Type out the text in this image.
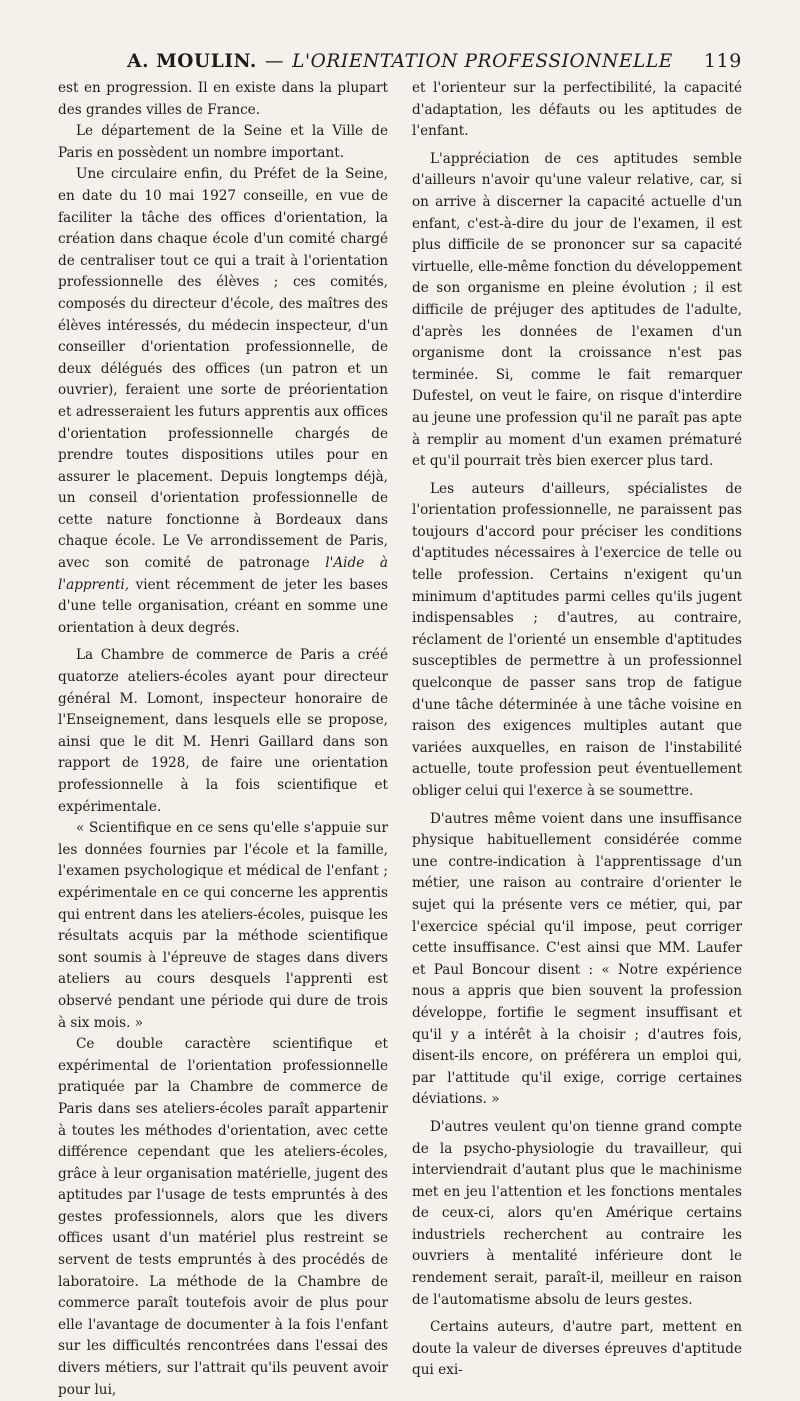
A. MOULIN. — L'ORIENTATION PROFESSIONNELLE 119

est en progression. Il en existe dans la plupart des grandes villes de France.

Le département de la Seine et la Ville de Paris en possèdent un nombre important.

Une circulaire enfin, du Préfet de la Seine, en date du 10 mai 1927 conseille, en vue de faciliter la tâche des offices d'orientation, la création dans chaque école d'un comité chargé de centraliser tout ce qui a trait à l'orientation professionnelle des élèves ; ces comités, composés du directeur d'école, des maîtres des élèves intéressés, du médecin inspecteur, d'un conseiller d'orientation professionnelle, de deux délégués des offices (un patron et un ouvrier), feraient une sorte de préorientation et adresseraient les futurs apprentis aux offices d'orientation professionnelle chargés de prendre toutes dispositions utiles pour en assurer le placement. Depuis longtemps déjà, un conseil d'orientation professionnelle de cette nature fonctionne à Bordeaux dans chaque école. Le Ve arrondissement de Paris, avec son comité de patronage l'Aide à l'apprenti, vient récemment de jeter les bases d'une telle organisation, créant en somme une orientation à deux degrés.

La Chambre de commerce de Paris a créé quatorze ateliers-écoles ayant pour directeur général M. Lomont, inspecteur honoraire de l'Enseignement, dans lesquels elle se propose, ainsi que le dit M. Henri Gaillard dans son rapport de 1928, de faire une orientation professionnelle à la fois scientifique et expérimentale.

« Scientifique en ce sens qu'elle s'appuie sur les données fournies par l'école et la famille, l'examen psychologique et médical de l'enfant ; expérimentale en ce qui concerne les apprentis qui entrent dans les ateliers-écoles, puisque les résultats acquis par la méthode scientifique sont soumis à l'épreuve de stages dans divers ateliers au cours desquels l'apprenti est observé pendant une période qui dure de trois à six mois. »

Ce double caractère scientifique et expérimental de l'orientation professionnelle pratiquée par la Chambre de commerce de Paris dans ses ateliers-écoles paraît appartenir à toutes les méthodes d'orientation, avec cette différence cependant que les ateliers-écoles, grâce à leur organisation matérielle, jugent des aptitudes par l'usage de tests empruntés à des gestes professionnels, alors que les divers offices usant d'un matériel plus restreint se servent de tests empruntés à des procédés de laboratoire. La méthode de la Chambre de commerce paraît toutefois avoir de plus pour elle l'avantage de documenter à la fois l'enfant sur les difficultés rencontrées dans l'essai des divers métiers, sur l'attrait qu'ils peuvent avoir pour lui,

et l'orienteur sur la perfectibilité, la capacité d'adaptation, les défauts ou les aptitudes de l'enfant.

L'appréciation de ces aptitudes semble d'ailleurs n'avoir qu'une valeur relative, car, si on arrive à discerner la capacité actuelle d'un enfant, c'est-à-dire du jour de l'examen, il est plus difficile de se prononcer sur sa capacité virtuelle, elle-même fonction du développement de son organisme en pleine évolution ; il est difficile de préjuger des aptitudes de l'adulte, d'après les données de l'examen d'un organisme dont la croissance n'est pas terminée. Si, comme le fait remarquer Dufestel, on veut le faire, on risque d'interdire au jeune une profession qu'il ne paraît pas apte à remplir au moment d'un examen prématuré et qu'il pourrait très bien exercer plus tard.

Les auteurs d'ailleurs, spécialistes de l'orientation professionnelle, ne paraissent pas toujours d'accord pour préciser les conditions d'aptitudes nécessaires à l'exercice de telle ou telle profession. Certains n'exigent qu'un minimum d'aptitudes parmi celles qu'ils jugent indispensables ; d'autres, au contraire, réclament de l'orienté un ensemble d'aptitudes susceptibles de permettre à un professionnel quelconque de passer sans trop de fatigue d'une tâche déterminée à une tâche voisine en raison des exigences multiples autant que variées auxquelles, en raison de l'instabilité actuelle, toute profession peut éventuellement obliger celui qui l'exerce à se soumettre.

D'autres même voient dans une insuffisance physique habituellement considérée comme une contre-indication à l'apprentissage d'un métier, une raison au contraire d'orienter le sujet qui la présente vers ce métier, qui, par l'exercice spécial qu'il impose, peut corriger cette insuffisance. C'est ainsi que MM. Laufer et Paul Boncour disent : « Notre expérience nous a appris que bien souvent la profession développe, fortifie le segment insuffisant et qu'il y a intérêt à la choisir ; d'autres fois, disent-ils encore, on préférera un emploi qui, par l'attitude qu'il exige, corrige certaines déviations. »

D'autres veulent qu'on tienne grand compte de la psycho-physiologie du travailleur, qui interviendrait d'autant plus que le machinisme met en jeu l'attention et les fonctions mentales de ceux-ci, alors qu'en Amérique certains industriels recherchent au contraire les ouvriers à mentalité inférieure dont le rendement serait, paraît-il, meilleur en raison de l'automatisme absolu de leurs gestes.

Certains auteurs, d'autre part, mettent en doute la valeur de diverses épreuves d'aptitude qui exi-
